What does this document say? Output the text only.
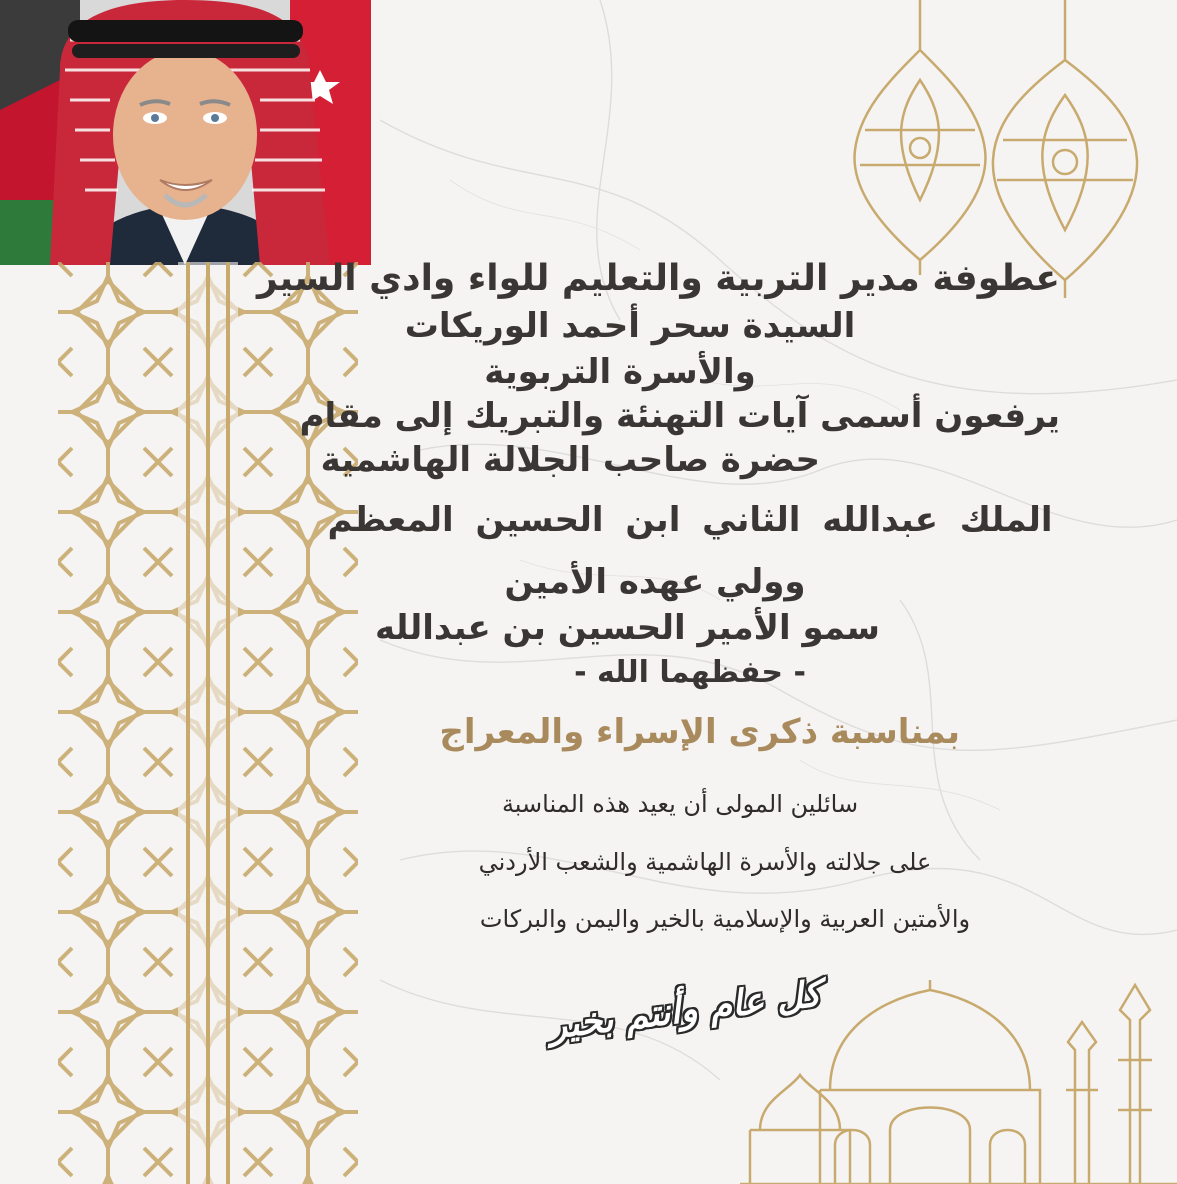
عطوفة مدير التربية والتعليم للواء وادي السير
السيدة سحر أحمد الوريكات
والأسرة التربوية
يرفعون أسمى آيات التهنئة والتبريك إلى مقام
حضرة صاحب الجلالة الهاشمية
الملك عبدالله الثاني ابن الحسين المعظم
وولي عهده الأمين
سمو الأمير الحسين بن عبدالله
- حفظهما الله -
بمناسبة ذكرى الإسراء والمعراج
سائلين المولى أن يعيد هذه المناسبة
على جلالته والأسرة الهاشمية والشعب الأردني
والأمتين العربية والإسلامية بالخير واليمن والبركات
كل عام وأنتم بخير
